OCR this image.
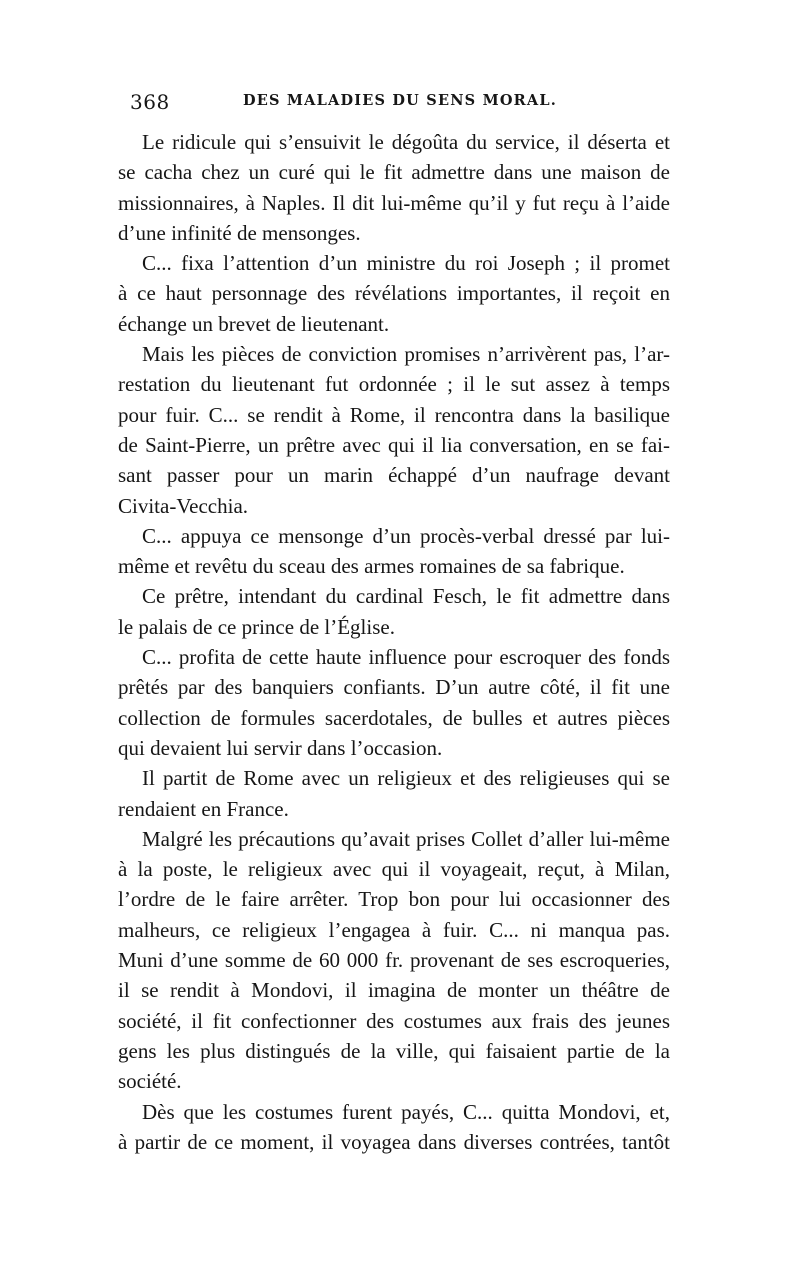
368	DES MALADIES DU SENS MORAL.
Le ridicule qui s’ensuivit le dégoûta du service, il déserta et
se cacha chez un curé qui le fit admettre dans une maison de
missionnaires, à Naples. Il dit lui-même qu’il y fut reçu à l’aide
d’une infinité de mensonges.
C... fixa l’attention d’un ministre du roi Joseph ; il promet
à ce haut personnage des révélations importantes, il reçoit en
échange un brevet de lieutenant.
Mais les pièces de conviction promises n’arrivèrent pas, l’ar-
restation du lieutenant fut ordonnée ; il le sut assez à temps
pour fuir. C... se rendit à Rome, il rencontra dans la basilique
de Saint-Pierre, un prêtre avec qui il lia conversation, en se fai-
sant passer pour un marin échappé d’un naufrage devant
Civita-Vecchia.
C... appuya ce mensonge d’un procès-verbal dressé par lui-
même et revêtu du sceau des armes romaines de sa fabrique.
Ce prêtre, intendant du cardinal Fesch, le fit admettre dans
le palais de ce prince de l’Église.
C... profita de cette haute influence pour escroquer des fonds
prêtés par des banquiers confiants. D’un autre côté, il fit une
collection de formules sacerdotales, de bulles et autres pièces
qui devaient lui servir dans l’occasion.
Il partit de Rome avec un religieux et des religieuses qui se
rendaient en France.
Malgré les précautions qu’avait prises Collet d’aller lui-même
à la poste, le religieux avec qui il voyageait, reçut, à Milan,
l’ordre de le faire arrêter. Trop bon pour lui occasionner des
malheurs, ce religieux l’engagea à fuir. C... ni manqua pas.
Muni d’une somme de 60 000 fr. provenant de ses escroqueries,
il se rendit à Mondovi, il imagina de monter un théâtre de
société, il fit confectionner des costumes aux frais des jeunes
gens les plus distingués de la ville, qui faisaient partie de la
société.
Dès que les costumes furent payés, C... quitta Mondovi, et,
à partir de ce moment, il voyagea dans diverses contrées, tantôt
